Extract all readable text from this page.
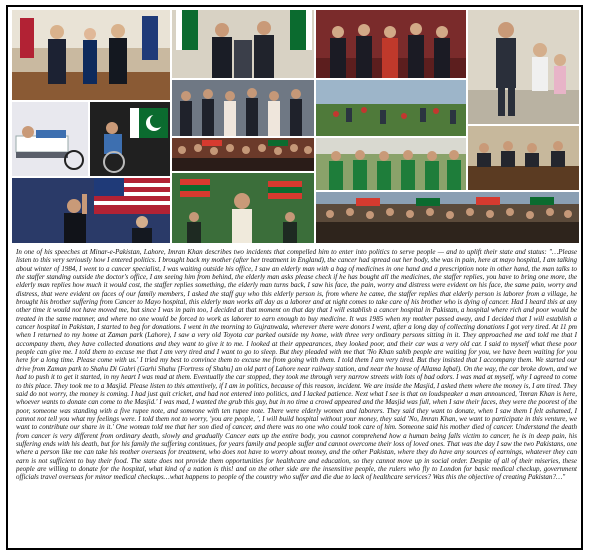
In one of his speeches at Minar-e-Pakistan, Lahore, Imran Khan describes two incidents that compelled him to enter into politics to serve people — and to uplift their state and status: "…Please listen to this very seriously how I entered politics. I brought back my mother (after her treatment in England), the cancer had spread out her body, she was in pain, here at mayo hospital, I am talking about winter of 1984, I went to a cancer specialist, I was waiting outside his office, I saw an elderly man with a bag of medicines in one hand and a prescription note in other hand, the man talks to the staffer standing outside the doctor's office, I am seeing him from behind, the elderly man asks please check if he has bought all the medicines, the staffer replies, you have to bring one more, the elderly man replies how much it would cost, the staffer replies something, the elderly man turns back, I saw his face, the pain, worry and distress were evident on his face, the same pain, worry and distress, that were evident on faces of our family members, I asked the staff guy who this elderly person is, from where he came, the staffer replies that elderly person is laborer from a village, he brought his brother suffering from Cancer to Mayo hospital, this elderly man works all day as a laborer and at night comes to take care of his brother who is dying of cancer. Had I heard this at any other time it would not have moved me, but since I was in pain too, I decided at that moment on that day that I will establish a cancer hospital in Pakistan, a hospital where rich and poor would be treated in the same manner, and where no one would be forced to work as laborer to earn enough to buy medicine. It was 1985 when my mother passed away, and I decided that I will establish a cancer hospital in Pakistan, I started to beg for donations. I went in the morning to Gujranwala, wherever there were donors I went, after a long day of collecting donations I got very tired. At 11 pm when I returned to my home at Zaman park (Lahore), I saw a very old Toyota car parked outside my home, with three very ordinary persons sitting in it. They approached me and told me that I accompany them, they have collected donations and they want to give it to me. I looked at their appearances, they looked poor, and their car was a very old car. I said to myself what these poor people can give me. I told them to excuse me that I am very tired and I want to go to sleep. But they pleaded with me that 'No Khan sahib people are waiting for you, we have been waiting for you here for a long time. Please come with us.' I tried my best to convince them to excuse me from going with them. I told them I am very tired. But they insisted that I accompany them. We started our drive from Zaman park to Shahu Di Gahri (Garhi Shahu [Fortress of Shahu] an old part of Lahore near railway station, and near the house of Allama Iqbal). On the way, the car broke down, and we had to push it to get it started, in my heart I was mad at them. Eventually the car stopped, they took me through very narrow streets with lots of bad odors. I was mad at myself, why I agreed to come to this place. They took me to a Masjid. Please listen to this attentively, if I am in politics, because of this reason, incident. We are inside the Masjid, I asked them where the money is, I am tired. They said do not worry, the money is coming. I had just quit cricket, and had not entered into politics, and I lacked patience. Next what I see is that on loudspeaker a man announced, 'Imran Khan is here, whoever wants to donate can come to the Masjid.' I was mad, I wanted the grub this guy, but in no time a crowd appeared and the Masjid was full, when I saw their faces, they were the poorest of the poor, someone was standing with a five rupee note, and someone with ten rupee note. There were elderly women and laborers. They said they want to donate, when I saw them I felt ashamed, I cannot not tell you what my feelings were. I told them not to worry, 'you are people, ', I will build hospital without your money, they said 'No, Imran Khan, we want to participate in this venture, we want to contribute our share in it.' One woman told me that her son died of cancer, and there was no one who could took care of him. Someone said his mother died of cancer. Understand the death from cancer is very different from ordinary death, slowly and gradually Cancer eats up the entire body, you cannot comprehend how a human being falls victim to cancer, he is in deep pain, his suffering ends with his death, but for his family the suffering continues, for years family and people suffer and cannot overcome their loss of loved ones. That was the day I saw the two Pakistans, one where a person like me can take his mother overseas for treatment, who does not have to worry about money, and the other Pakistan, where they do have any sources of earnings, whatever they can earn is not sufficient to buy their food. The state does not provide them opportunities for healthcare and education, so they cannot move up in social order. Despite of all of their miseries, these people are willing to donate for the hospital, what kind of a nation is this! and on the other side are the insensitive people, the rulers who fly to London for basic medical checkup, government officials travel overseas for minor medical checkups…what happens to people of the country who suffer and die due to lack of healthcare services? Was this the objective of creating Pakistan?…"
